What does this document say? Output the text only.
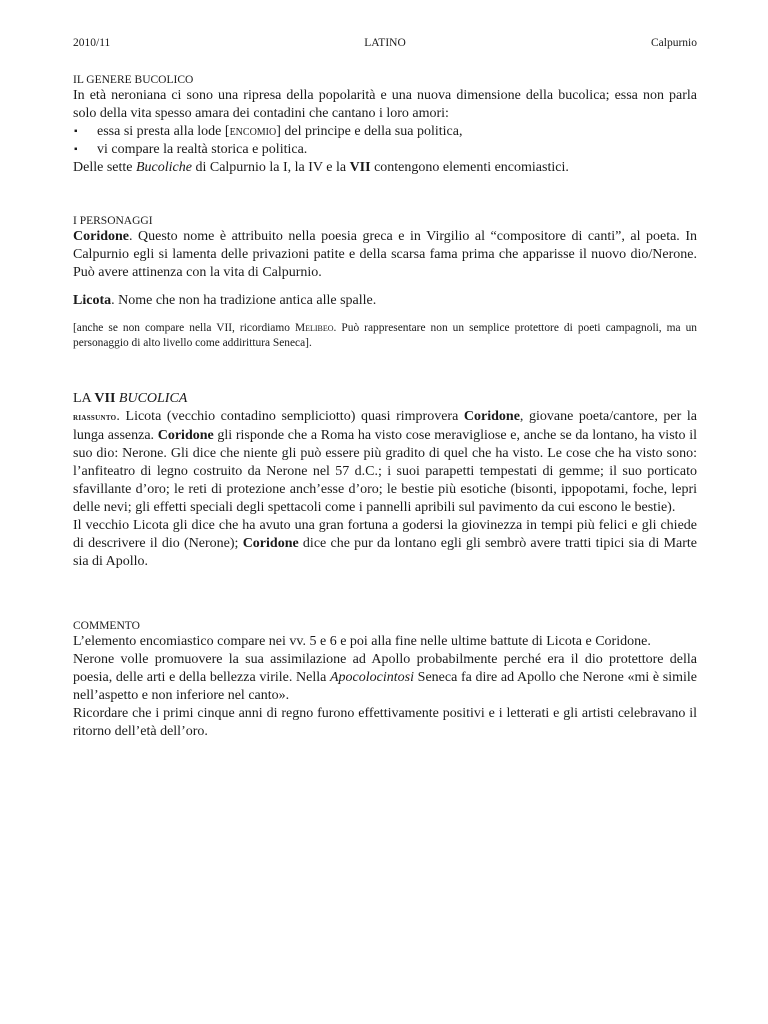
2010/11	LATINO	Calpurnio

IL GENERE BUCOLICO

In età neroniana ci sono una ripresa della popolarità e una nuova dimensione della bucolica; essa non parla solo della vita spesso amara dei contadini che cantano i loro amori:

▪ essa si presta alla lode [encomio] del principe e della sua politica,
▪ vi compare la realtà storica e politica.

Delle sette Bucoliche di Calpurnio la I, la IV e la VII contengono elementi encomiastici.

I PERSONAGGI

Coridone. Questo nome è attribuito nella poesia greca e in Virgilio al “compositore di canti”, al poeta. In Calpurnio egli si lamenta delle privazioni patite e della scarsa fama prima che apparisse il nuovo dio/Nerone. Può avere attinenza con la vita di Calpurnio.

Licota. Nome che non ha tradizione antica alle spalle.

[anche se non compare nella VII, ricordiamo Melibeo. Può rappresentare non un semplice protettore di poeti campagnoli, ma un personaggio di alto livello come addirittura Seneca].

LA VII BUCOLICA

riassunto. Licota (vecchio contadino sempliciotto) quasi rimprovera Coridone, giovane poeta/cantore, per la lunga assenza. Coridone gli risponde che a Roma ha visto cose meravigliose e, anche se da lontano, ha visto il suo dio: Nerone. Gli dice che niente gli può essere più gradito di quel che ha visto. Le cose che ha visto sono: l’anfiteatro di legno costruito da Nerone nel 57 d.C.; i suoi parapetti tempestati di gemme; il suo porticato sfavillante d’oro; le reti di protezione anch’esse d’oro; le bestie più esotiche (bisonti, ippopotami, foche, lepri delle nevi; gli effetti speciali degli spettacoli come i pannelli apribili sul pavimento da cui escono le bestie).

Il vecchio Licota gli dice che ha avuto una gran fortuna a godersi la giovinezza in tempi più felici e gli chiede di descrivere il dio (Nerone); Coridone dice che pur da lontano egli gli sembrò avere tratti tipici sia di Marte sia di Apollo.

COMMENTO

L’elemento encomiastico compare nei vv. 5 e 6 e poi alla fine nelle ultime battute di Licota e Coridone.

Nerone volle promuovere la sua assimilazione ad Apollo probabilmente perché era il dio protettore della poesia, delle arti e della bellezza virile. Nella Apocolocintosi Seneca fa dire ad Apollo che Nerone «mi è simile nell’aspetto e non inferiore nel canto».

Ricordare che i primi cinque anni di regno furono effettivamente positivi e i letterati e gli artisti celebravano il ritorno dell’età dell’oro.
